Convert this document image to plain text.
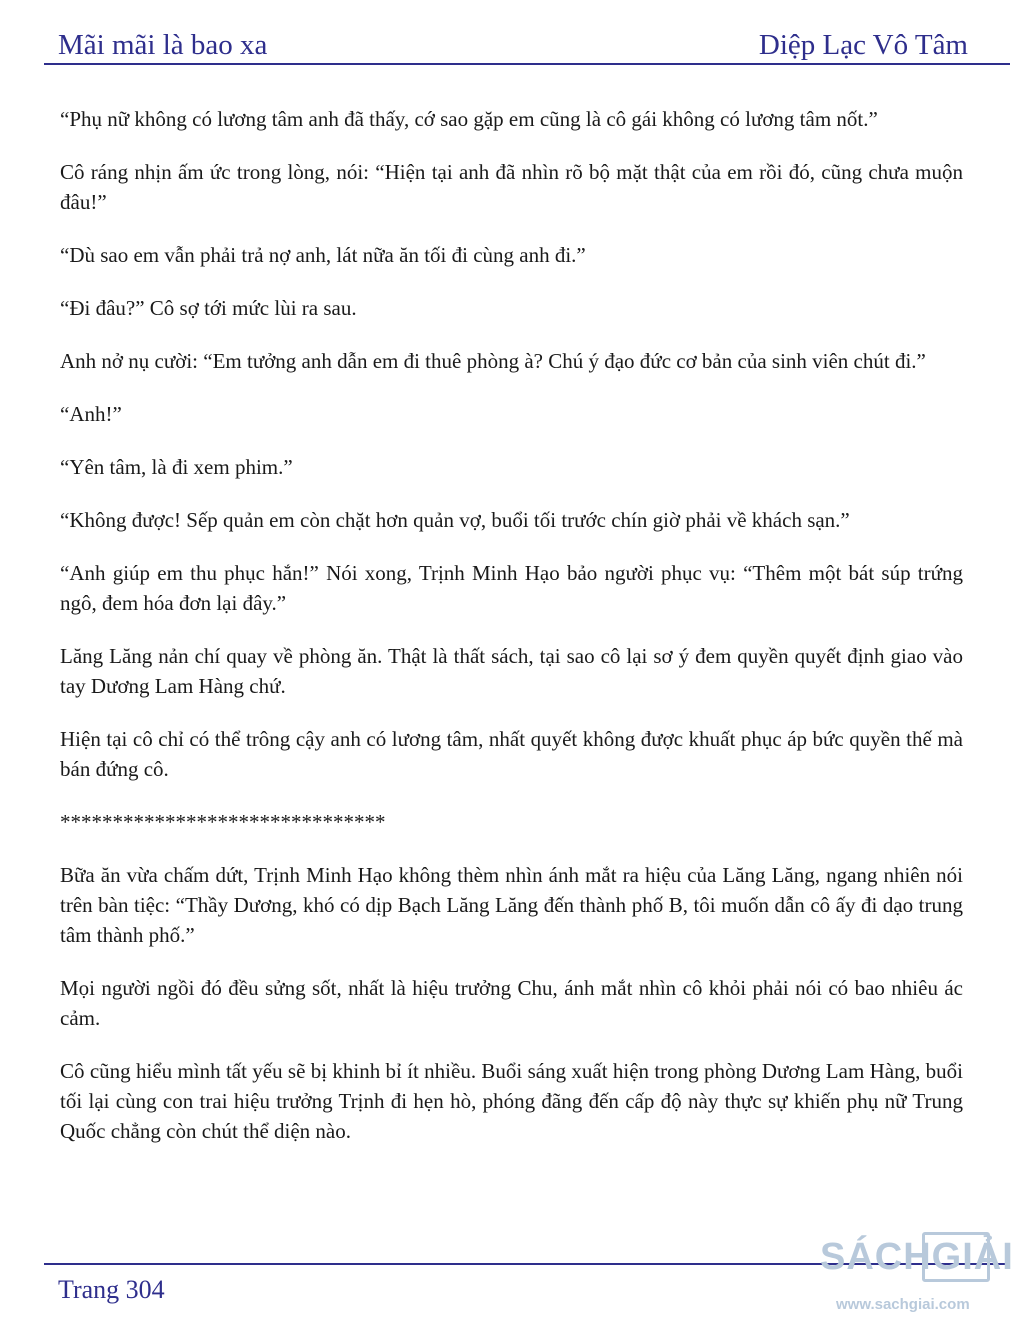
Mãi mãi là bao xa	Diệp Lạc Vô Tâm

“Phụ nữ không có lương tâm anh đã thấy, cớ sao gặp em cũng là cô gái không có lương tâm nốt.”

Cô ráng nhịn ấm ức trong lòng, nói: “Hiện tại anh đã nhìn rõ bộ mặt thật của em rồi đó, cũng chưa muộn đâu!”

“Dù sao em vẫn phải trả nợ anh, lát nữa ăn tối đi cùng anh đi.”

“Đi đâu?” Cô sợ tới mức lùi ra sau.

Anh nở nụ cười: “Em tưởng anh dẫn em đi thuê phòng à? Chú ý đạo đức cơ bản của sinh viên chút đi.”

“Anh!”

“Yên tâm, là đi xem phim.”

“Không được! Sếp quản em còn chặt hơn quản vợ, buổi tối trước chín giờ phải về khách sạn.”

“Anh giúp em thu phục hắn!” Nói xong, Trịnh Minh Hạo bảo người phục vụ: “Thêm một bát súp trứng ngô, đem hóa đơn lại đây.”

Lăng Lăng nản chí quay về phòng ăn. Thật là thất sách, tại sao cô lại sơ ý đem quyền quyết định giao vào tay Dương Lam Hàng chứ.

Hiện tại cô chỉ có thể trông cậy anh có lương tâm, nhất quyết không được khuất phục áp bức quyền thế mà bán đứng cô.

*******************************

Bữa ăn vừa chấm dứt, Trịnh Minh Hạo không thèm nhìn ánh mắt ra hiệu của Lăng Lăng, ngang nhiên nói trên bàn tiệc: “Thầy Dương, khó có dịp Bạch Lăng Lăng đến thành phố B, tôi muốn dẫn cô ấy đi dạo trung tâm thành phố.”

Mọi người ngồi đó đều sửng sốt, nhất là hiệu trưởng Chu, ánh mắt nhìn cô khỏi phải nói có bao nhiêu ác cảm.

Cô cũng hiểu mình tất yếu sẽ bị khinh bỉ ít nhiều. Buổi sáng xuất hiện trong phòng Dương Lam Hàng, buổi tối lại cùng con trai hiệu trưởng Trịnh đi hẹn hò, phóng đãng đến cấp độ này thực sự khiến phụ nữ Trung Quốc chẳng còn chút thể diện nào.

Trang 304
SÁCHGIẢI
www.sachgiai.com
